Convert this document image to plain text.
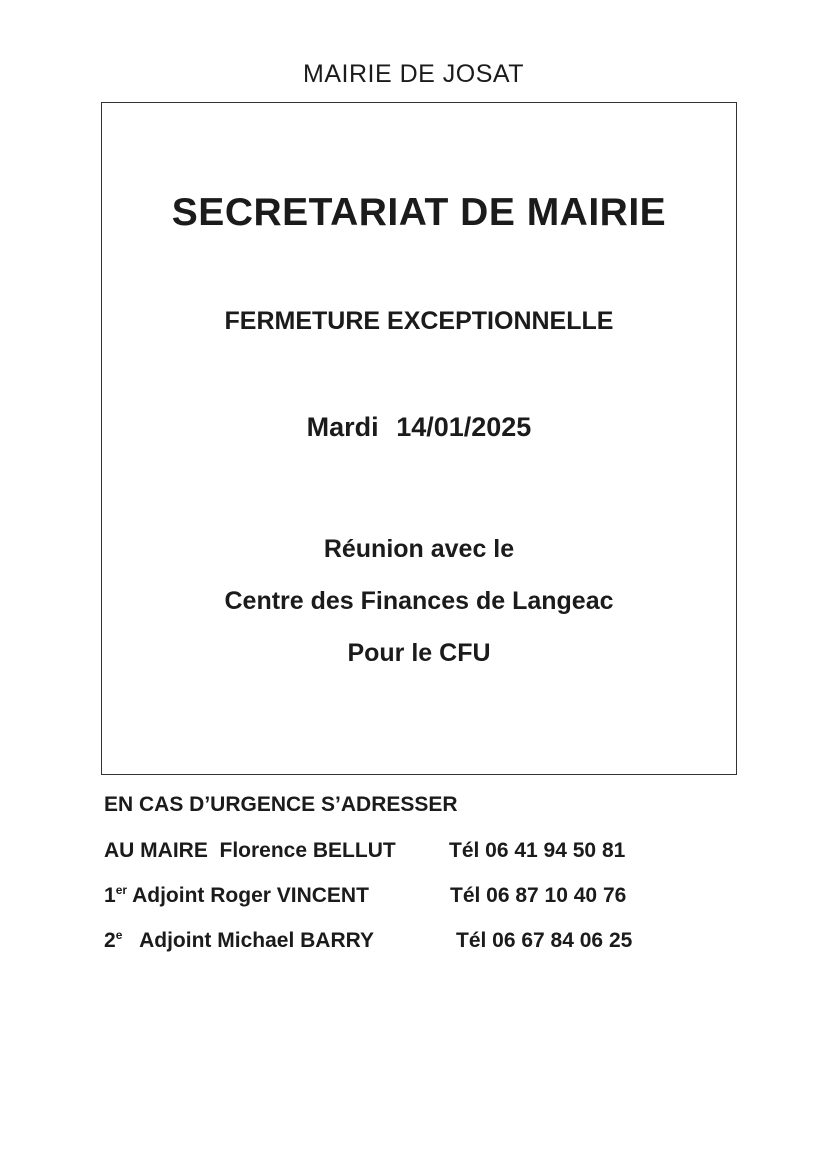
MAIRIE DE JOSAT
SECRETARIAT DE MAIRIE
FERMETURE EXCEPTIONNELLE
Mardi 14/01/2025
Réunion avec le
Centre des Finances de Langeac
Pour le CFU
EN CAS D’URGENCE S’ADRESSER
AU MAIRE Florence BELLUT	Tél 06 41 94 50 81
1er Adjoint Roger VINCENT	Tél 06 87 10 40 76
2e Adjoint Michael BARRY	Tél 06 67 84 06 25
